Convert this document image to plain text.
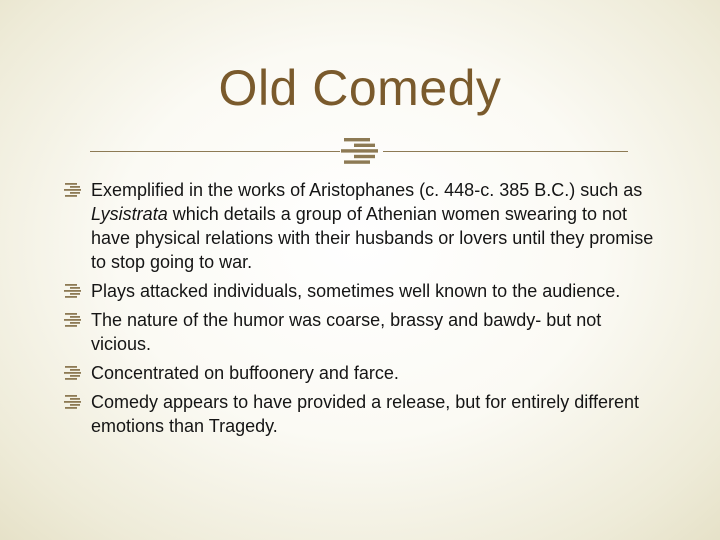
Old Comedy
Exemplified in the works of Aristophanes (c. 448-c. 385 B.C.) such as Lysistrata which details a group of Athenian women swearing to not have physical relations with their husbands or lovers until they promise to stop going to war.
Plays attacked individuals, sometimes well known to the audience.
The nature of the humor was coarse, brassy and bawdy- but not vicious.
Concentrated on buffoonery and farce.
Comedy appears to have provided a release, but for entirely different emotions than Tragedy.
